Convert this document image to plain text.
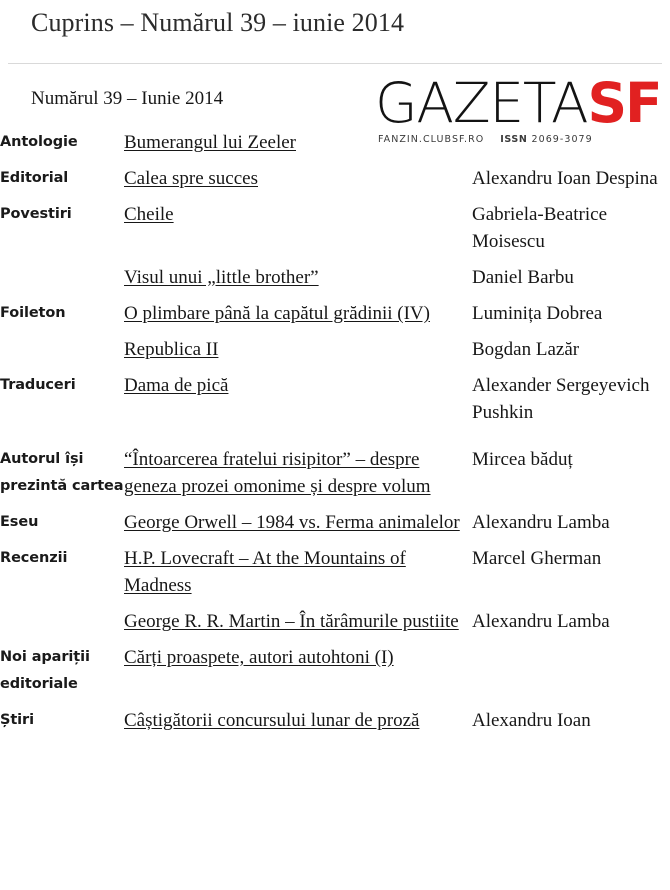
Cuprins – Numărul 39 – iunie 2014
GAZETASF
FANZIN.CLUBSF.RO ISSN 2069-3079
Numărul 39 – Iunie 2014
Antologie	Bumerangul lui Zeeler	
Editorial	Calea spre succes	Alexandru Ioan Despina
Povestiri	Cheile	Gabriela-Beatrice Moisescu
	Visul unui „little brother”	Daniel Barbu
Foileton	O plimbare până la capătul grădinii (IV)	Luminița Dobrea
	Republica II	Bogdan Lazăr
Traduceri	Dama de pică	Alexander Sergeyevich Pushkin
Autorul își prezintă cartea	“Întoarcerea fratelui risipitor” – despre geneza prozei omonime și despre volum	Mircea băduț
Eseu	George Orwell – 1984 vs. Ferma animalelor	Alexandru Lamba
Recenzii	H.P. Lovecraft – At the Mountains of Madness	Marcel Gherman
	George R. R. Martin – În tărâmurile pustiite	Alexandru Lamba
Noi apariții editoriale	Cărți proaspete, autori autohtoni (I)	
Știri	Câștigătorii concursului lunar de proză	Alexandru Ioan
